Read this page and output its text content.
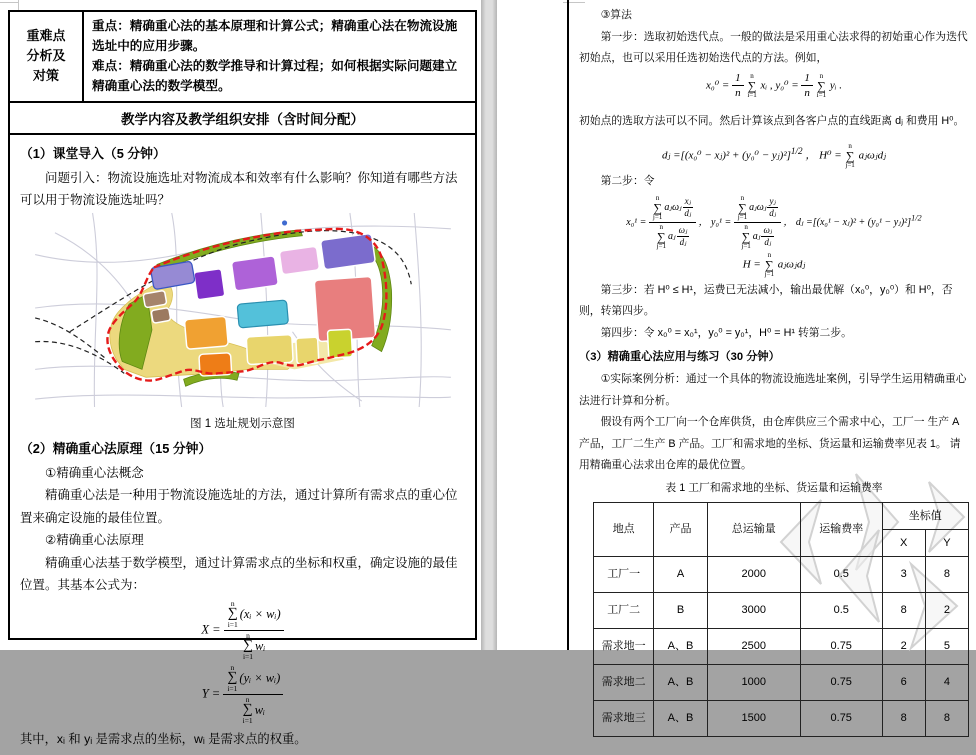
重难点分析及对策
重点：精确重心法的基本原理和计算公式；精确重心法在物流设施选址中的应用步骤。
难点：精确重心法的数学推导和计算过程；如何根据实际问题建立精确重心法的数学模型。
教学内容及教学组织安排（含时间分配）
（1）课堂导入（5 分钟）

问题引入：物流设施选址对物流成本和效率有什么影响？你知道有哪些方法可以用于物流设施选址吗？

图 1 选址规划示意图
（2）精确重心法原理（15 分钟）

①精确重心法概念

精确重心法是一种用于物流设施选址的方法，通过计算所有需求点的重心位置来确定设施的最佳位置。

②精确重心法原理

精确重心法基于数学模型，通过计算需求点的坐标和权重，确定设施的最佳位置。其基本公式为：

X = n
∑
i=1
(xᵢ × wᵢ)
n
∑
i=1
wᵢ
Y = n
∑
i=1
(yᵢ × wᵢ)
n
∑
i=1
wᵢ
其中，xᵢ 和 yᵢ 是需求点的坐标，wᵢ 是需求点的权重。

③算法

第一步：选取初始迭代点。一般的做法是采用重心法求得的初始重心作为迭代初始点，也可以采用任选初始迭代点的方法。例如，

$x_0^0 = \frac{1}{n}$
n
∑
i=1
xᵢ , $y_0^0 = \frac{1}{n}$
n
∑
i=1
yᵢ .

初始点的选取方法可以不同。然后计算该点到各客户点的直线距离 dⱼ 和费用 H⁰。

dⱼ =[(x₀⁰ − xⱼ)² + (y₀⁰ − yⱼ)²]$^{1/2}$ ， H⁰ =
n
∑
j=1
aⱼωⱼdⱼ

第二步：令

x₀¹ = n
∑
j=1
aⱼωⱼ $\frac{\text{xⱼ}}{\text{dⱼ}}$
n
∑
j=1
aⱼ $\frac{\text{ωⱼ}}{\text{dⱼ}}$ ， y₀¹ = n
∑
j=1
aⱼωⱼ $\frac{\text{yⱼ}}{\text{dⱼ}}$
n
∑
j=1
aⱼ $\frac{\text{ωⱼ}}{\text{dⱼ}}$ ， dⱼ =[(x₀¹ − xⱼ)² + (y₀¹ − yⱼ)²]$^{1/2}$
H =
n
∑
j=1
aⱼωⱼdⱼ

第三步：若 H⁰ ≤ H¹，运费已无法减小，输出最优解（x₀⁰，y₀⁰）和 H⁰，否则，转第四步。

第四步：令 x₀⁰ = x₀¹，y₀⁰ = y₀¹，H⁰ = H¹ 转第二步。

（3）精确重心法应用与练习（30 分钟）

①实际案例分析：通过一个具体的物流设施选址案例，引导学生运用精确重心法进行计算和分析。

假设有两个工厂向一个仓库供货，由仓库供应三个需求中心，工厂一 生产 A 产品，工厂二生产 B 产品。工厂和需求地的坐标、货运量和运输费率见表 1。 请用精确重心法求出仓库的最优位置。

表 1 工厂和需求地的坐标、货运量和运输费率
地点	产品	总运输量	运输费率	坐标值	
				X	Y
工厂一	A	2000	0.5	3	8
工厂二	B	3000	0.5	8	2
需求地一	A、B	2500	0.75	2	5
需求地二	A、B	1000	0.75	6	4
需求地三	A、B	1500	0.75	8	8
